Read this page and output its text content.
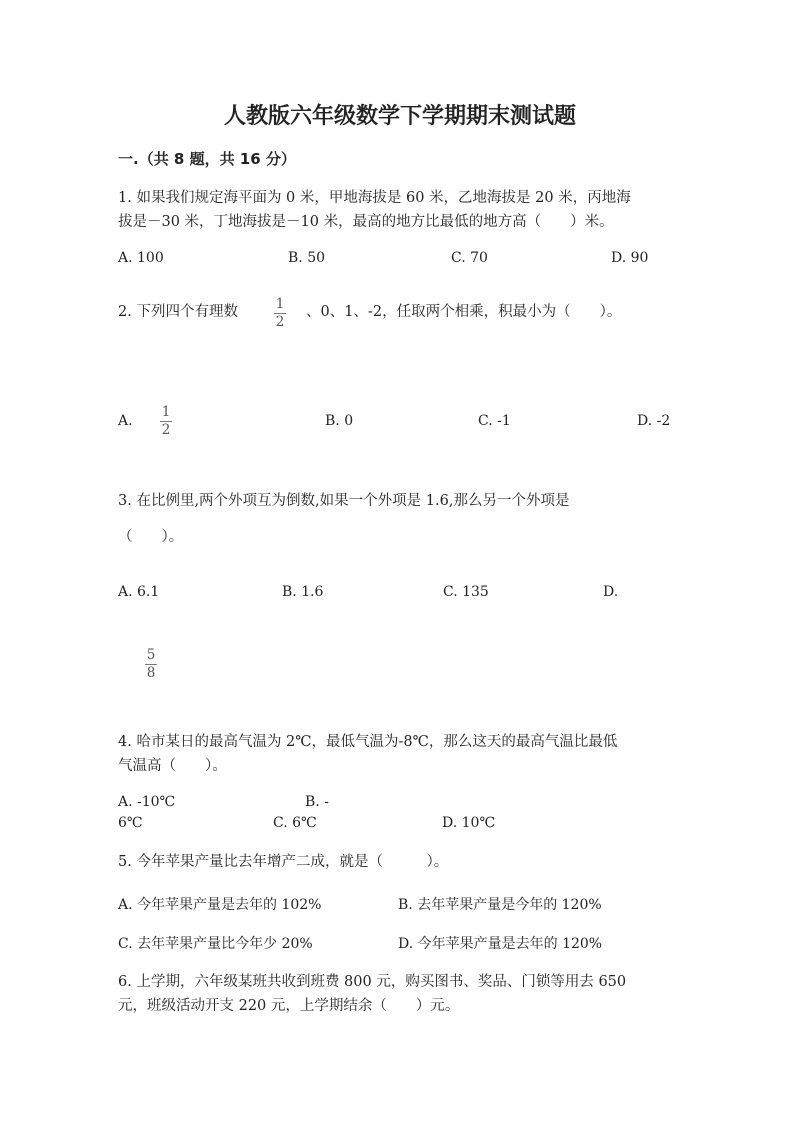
人教版六年级数学下学期期末测试题
一.（共 8 题，共 16 分）
1. 如果我们规定海平面为 0 米，甲地海拔是 60 米，乙地海拔是 20 米，丙地海
拔是－30 米，丁地海拔是－10 米，最高的地方比最低的地方高（　　）米。
A. 100	B. 50	C. 70	D. 90
2. 下列四个有理数	1
2
、0、1、-2，任取两个相乘，积最小为（　　）。
A.
1
2
B. 0	C. -1	D. -2
3. 在比例里,两个外项互为倒数,如果一个外项是 1.6,那么另一个外项是
（　　）。
A. 6.1	B. 1.6	C. 135	D.
5
8
4. 哈市某日的最高气温为 2℃，最低气温为-8℃，那么这天的最高气温比最低
气温高（　　）。
A. -10℃	B. -
6℃	C. 6℃	D. 10℃
5. 今年苹果产量比去年增产二成，就是（　　　）。
A. 今年苹果产量是去年的 102%	B. 去年苹果产量是今年的 120%
C. 去年苹果产量比今年少 20%	D. 今年苹果产量是去年的 120%
6. 上学期，六年级某班共收到班费 800 元，购买图书、奖品、门锁等用去 650
元，班级活动开支 220 元，上学期结余（　　）元。
